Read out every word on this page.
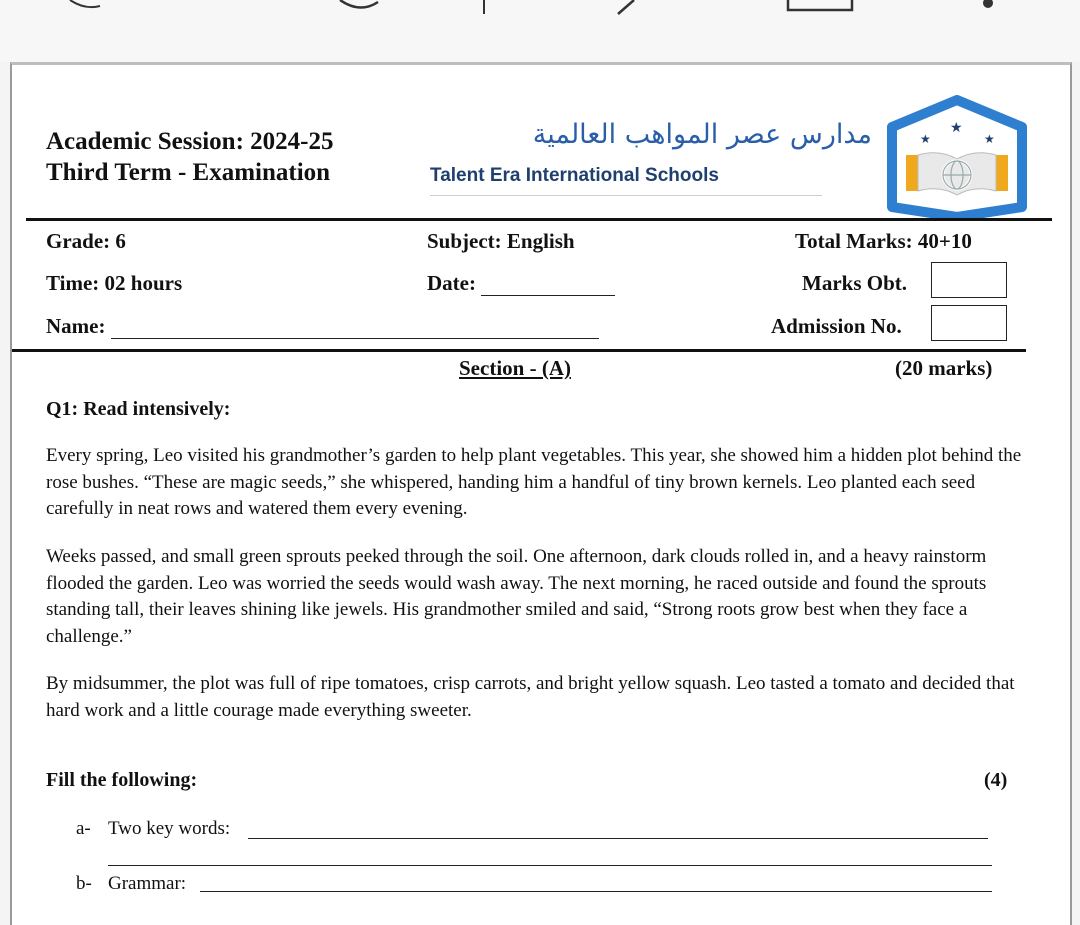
Academic Session: 2024-25
Third Term - Examination
مدارس عصر المواهب العالمية
Talent Era International Schools
★
★	★
Grade: 6	Subject: English	Total Marks: 40+10
Time: 02 hours	Date:	Marks Obt.
Name:	Admission No.
Section - (A)	(20 marks)
Q1: Read intensively:
Every spring, Leo visited his grandmother’s garden to help plant vegetables. This year, she showed him a hidden plot behind the rose bushes. “These are magic seeds,” she whispered, handing him a handful of tiny brown kernels. Leo planted each seed carefully in neat rows and watered them every evening.
Weeks passed, and small green sprouts peeked through the soil. One afternoon, dark clouds rolled in, and a heavy rainstorm flooded the garden. Leo was worried the seeds would wash away. The next morning, he raced outside and found the sprouts standing tall, their leaves shining like jewels. His grandmother smiled and said, “Strong roots grow best when they face a challenge.”
By midsummer, the plot was full of ripe tomatoes, crisp carrots, and bright yellow squash. Leo tasted a tomato and decided that hard work and a little courage made everything sweeter.
Fill the following:	(4)
a- Two key words:
b- Grammar:
